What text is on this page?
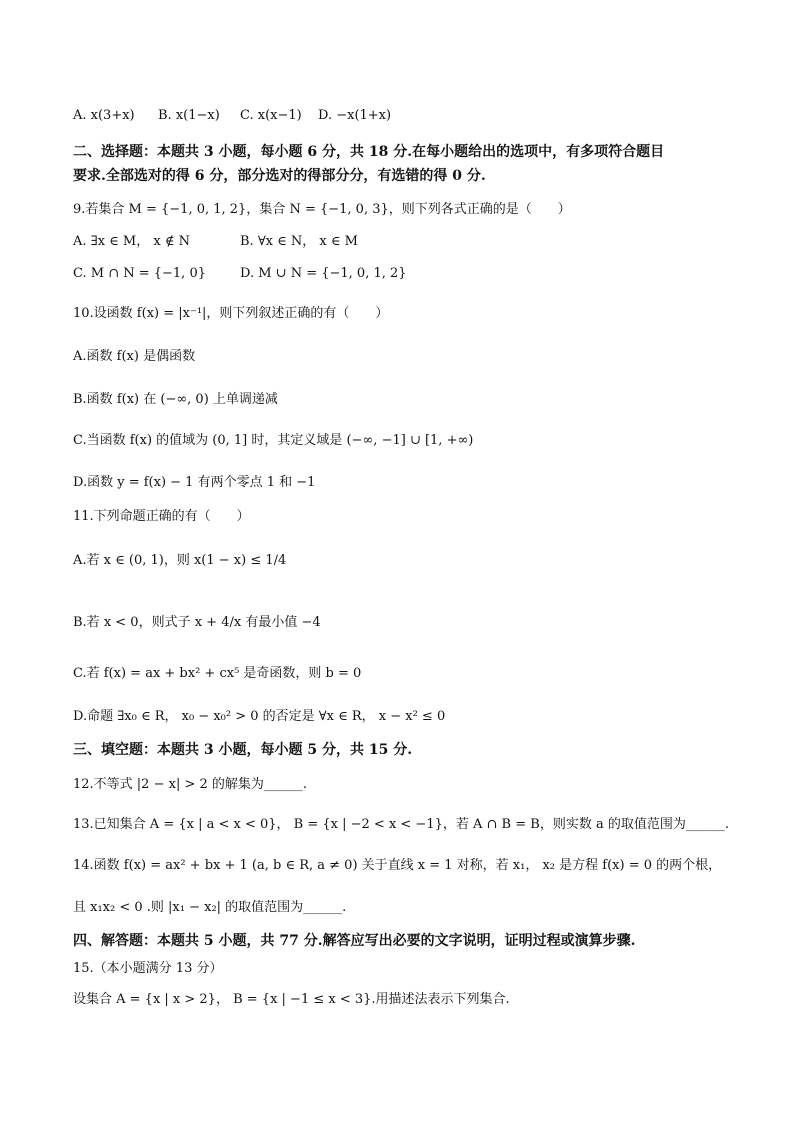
A. x(3+x) B. x(1−x) C. x(x−1) D. −x(1+x)
二、选择题：本题共 3 小题，每小题 6 分，共 18 分.在每小题给出的选项中，有多项符合题目
要求.全部选对的得 6 分，部分选对的得部分分，有选错的得 0 分.
9.若集合 M = {−1, 0, 1, 2}，集合 N = {−1, 0, 3}，则下列各式正确的是（　　）
A. ∃x ∈ M， x ∉ N	B. ∀x ∈ N， x ∈ M
C. M ∩ N = {−1, 0}	D. M ∪ N = {−1, 0, 1, 2}
10.设函数 f(x) = |x⁻¹|，则下列叙述正确的有（　　）
A.函数 f(x) 是偶函数
B.函数 f(x) 在 (−∞, 0) 上单调递减
C.当函数 f(x) 的值域为 (0, 1] 时，其定义域是 (−∞, −1] ∪ [1, +∞)
D.函数 y = f(x) − 1 有两个零点 1 和 −1
11.下列命题正确的有（　　）
A.若 x ∈ (0, 1)，则 x(1 − x) ≤ 1/4
B.若 x < 0，则式子 x + 4/x 有最小值 −4
C.若 f(x) = ax + bx² + cx⁵ 是奇函数，则 b = 0
D.命题 ∃x₀ ∈ R， x₀ − x₀² > 0 的否定是 ∀x ∈ R， x − x² ≤ 0
三、填空题：本题共 3 小题，每小题 5 分，共 15 分.
12.不等式 |2 − x| > 2 的解集为______.
13.已知集合 A = {x | a < x < 0}， B = {x | −2 < x < −1}，若 A ∩ B = B，则实数 a 的取值范围为______.
14.函数 f(x) = ax² + bx + 1 (a, b ∈ R, a ≠ 0) 关于直线 x = 1 对称，若 x₁， x₂ 是方程 f(x) = 0 的两个根，
且 x₁x₂ < 0 .则 |x₁ − x₂| 的取值范围为______.
四、解答题：本题共 5 小题，共 77 分.解答应写出必要的文字说明，证明过程或演算步骤.
15.（本小题满分 13 分）
设集合 A = {x | x > 2}， B = {x | −1 ≤ x < 3}.用描述法表示下列集合.
